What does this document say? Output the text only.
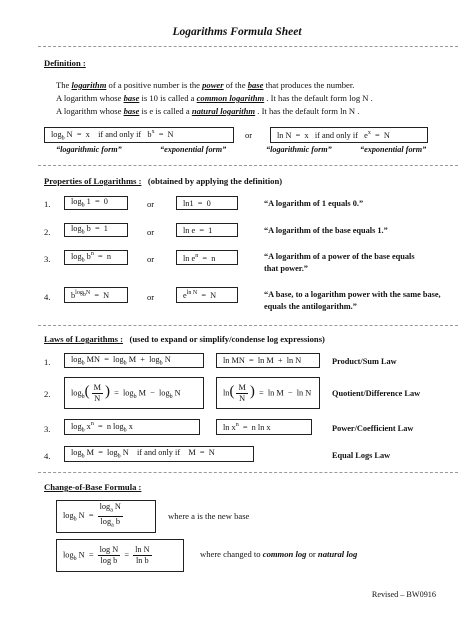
Logarithms Formula Sheet
Definition :
The logarithm of a positive number is the power of the base that produces the number.
A logarithm whose base is 10 is called a common logarithm . It has the default form log N .
A logarithm whose base is e is called a natural logarithm . It has the default form ln N .
$\log_b N = x$    if and only if   $b^x = N$	or	ln N  =  x   if and only if   $e^x = N$
“logarithmic form”	“exponential form”	“logarithmic form”	“exponential form”
Properties of Logarithms : (obtained by applying the definition)
1. $\log_b 1 = 0$	or	ln1  =  0	“A logarithm of 1 equals 0.”
2. $\log_b b = 1$	or	ln e  =  1	“A logarithm of the base equals 1.”
3. $\log_b b^n = n$	or	$\ln e^n = n$	“A logarithm of a power of the base equals that power.”
4. $b^{log_bN} = N$	or	$e^{ln N} = N$	“A base, to a logarithm power with the same base, equals the antilogarithm.”
Laws of Logarithms : (used to expand or simplify/condense log expressions)
1. $\log_b$ MN  =  $\log_b M + \log_b N$	ln MN  =  ln M  +  ln N	Product/Sum Law
2. $\log_b( \frac{M}{N}$ )  =  $\log_b M - \log_b N$	$\ln( \frac{M}{N}$ )  =  ln M  −  ln N	Quotient/Difference Law
3. $\log_b x^n = n$ $\log_b x$	$\ln x^n = n$ ln x	Power/Coefficient Law
4. $\log_b M = \log_b N$    if and only if    M  =  N	Equal Logs Law
Change-of-Base Formula :
$\log_b N = \frac{\log_a N}{\log_a b}$	where a is the new base
$\log_b N = \frac{\text{log N}}{\text{log b}} = \frac{\text{ln N}}{\text{ln b}}$	where changed to common log or natural log
Revised – BW0916
